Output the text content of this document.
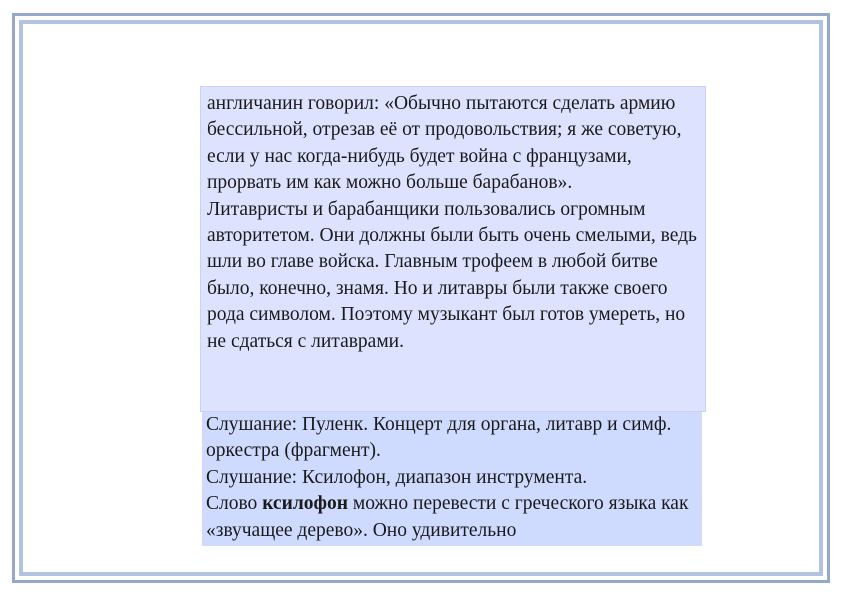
англичанин говорил: «Обычно пытаются сделать армию бессильной, отрезав её от продовольствия; я же советую, если у нас когда-нибудь будет война с французами, прорвать им как можно больше барабанов».

Литавристы и барабанщики пользовались огромным авторитетом. Они должны были быть очень смелыми, ведь шли во главе войска. Главным трофеем в любой битве было, конечно, знамя. Но и литавры были также своего рода символом. Поэтому музыкант был готов умереть, но не сдаться с литаврами.

Слушание: Пуленк. Концерт для органа, литавр и симф. оркестра (фрагмент).

Слушание: Ксилофон, диапазон инструмента.

Слово ксилофон можно перевести с греческого языка как «звучащее дерево». Оно удивительно
